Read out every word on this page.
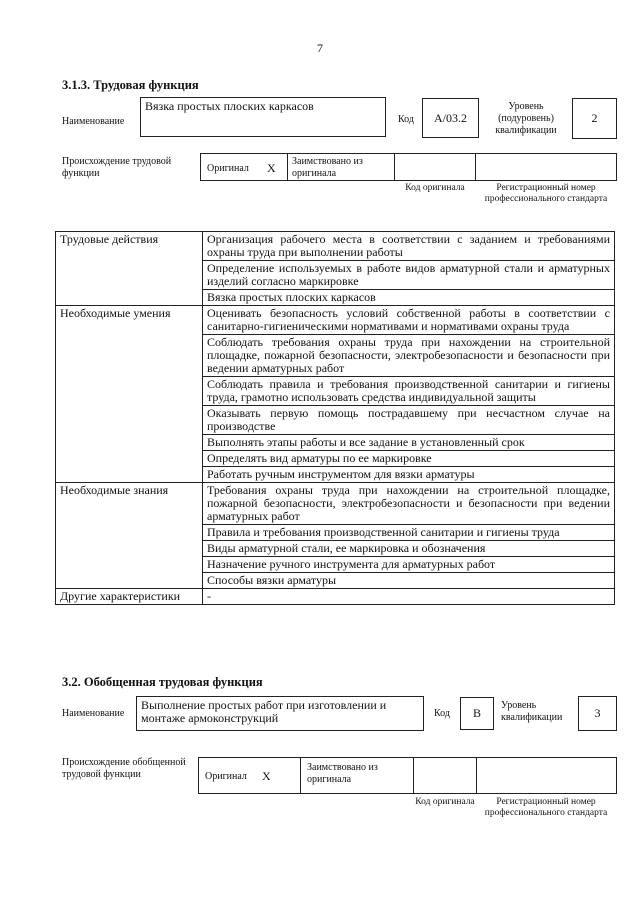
7
3.1.3. Трудовая функция
Наименование
Вязка простых плоских каркасов
Код	А/03.2
Уровень (подуровень) квалификации
2
Происхождение трудовой функции	Оригинал X	Заимствовано из оригинала
Код оригинала	Регистрационный номер профессионального стандарта
Трудовые действия	Организация рабочего места в соответствии с заданием и требованиями охраны труда при выполнении работы
	Определение используемых в работе видов арматурной стали и арматурных изделий согласно маркировке
	Вязка простых плоских каркасов
Необходимые умения	Оценивать безопасность условий собственной работы в соответствии с санитарно-гигиеническими нормативами и нормативами охраны труда
	Соблюдать требования охраны труда при нахождении на строительной площадке, пожарной безопасности, электробезопасности и безопасности при ведении арматурных работ
	Соблюдать правила и требования производственной санитарии и гигиены труда, грамотно использовать средства индивидуальной защиты
	Оказывать первую помощь пострадавшему при несчастном случае на производстве
	Выполнять этапы работы и все задание в установленный срок
	Определять вид арматуры по ее маркировке
	Работать ручным инструментом для вязки арматуры
Необходимые знания	Требования охраны труда при нахождении на строительной площадке, пожарной безопасности, электробезопасности и безопасности при ведении арматурных работ
	Правила и требования производственной санитарии и гигиены труда
	Виды арматурной стали, ее маркировка и обозначения
	Назначение ручного инструмента для арматурных работ
	Способы вязки арматуры
Другие характеристики	-
3.2. Обобщенная трудовая функция
Наименование
Выполнение простых работ при изготовлении и монтаже армоконструкций	Код	В
Уровень квалификации	3
Происхождение обобщенной трудовой функции	Оригинал X
Заимствовано из оригинала
Код оригинала	Регистрационный номер профессионального стандарта
